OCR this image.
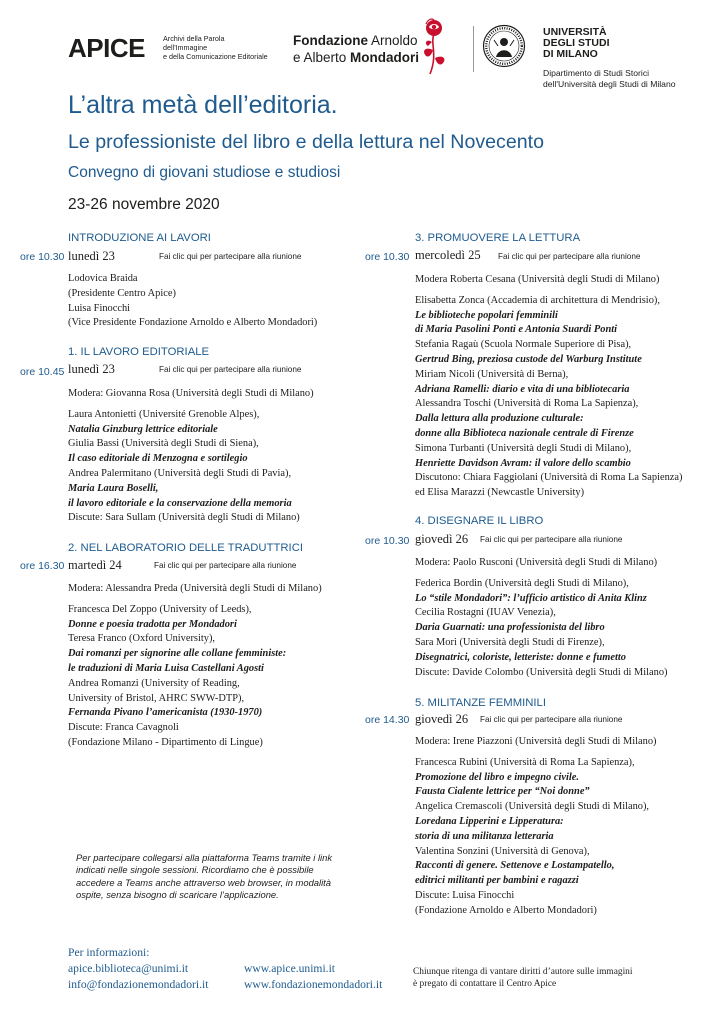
APICE	Archivi della Parola
dell'Immagine
e della Comunicazione Editoriale
Fondazione Arnoldo
e Alberto Mondadori
UNIVERSITÀ
DEGLI STUDI
DI MILANO
Dipartimento di Studi Storici
dell'Università degli Studi di Milano
L’altra metà dell’editoria.
Le professioniste del libro e della lettura nel Novecento
Convegno di giovani studiose e studiosi
23-26 novembre 2020
INTRODUZIONE AI LAVORI
ore 10.30 lunedì 23	Fai clic qui per partecipare alla riunione
Lodovica Braida
(Presidente Centro Apice)
Luisa Finocchi
(Vice Presidente Fondazione Arnoldo e Alberto Mondadori)
1. IL LAVORO EDITORIALE
ore 10.45 lunedì 23	Fai clic qui per partecipare alla riunione
Modera: Giovanna Rosa (Università degli Studi di Milano)
Laura Antonietti (Université Grenoble Alpes),
Natalia Ginzburg lettrice editoriale
Giulia Bassi (Università degli Studi di Siena),
Il caso editoriale di Menzogna e sortilegio
Andrea Palermitano (Università degli Studi di Pavia),
Maria Laura Boselli,
il lavoro editoriale e la conservazione della memoria
Discute: Sara Sullam (Università degli Studi di Milano)
2. NEL LABORATORIO DELLE TRADUTTRICI
ore 16.30 martedì 24	Fai clic qui per partecipare alla riunione
Modera: Alessandra Preda (Università degli Studi di Milano)
Francesca Del Zoppo (University of Leeds),
Donne e poesia tradotta per Mondadori
Teresa Franco (Oxford University),
Dai romanzi per signorine alle collane femministe:
le traduzioni di Maria Luisa Castellani Agosti
Andrea Romanzi (University of Reading,
University of Bristol, AHRC SWW-DTP),
Fernanda Pivano l’americanista (1930-1970)
Discute: Franca Cavagnoli
(Fondazione Milano - Dipartimento di Lingue)
3. PROMUOVERE LA LETTURA
ore 10.30 mercoledì 25 Fai clic qui per partecipare alla riunione
Modera Roberta Cesana (Università degli Studi di Milano)
Elisabetta Zonca (Accademia di architettura di Mendrisio),
Le biblioteche popolari femminili
di Maria Pasolini Ponti e Antonia Suardi Ponti
Stefania Ragaù (Scuola Normale Superiore di Pisa),
Gertrud Bing, preziosa custode del Warburg Institute
Miriam Nicoli (Università di Berna),
Adriana Ramelli: diario e vita di una bibliotecaria
Alessandra Toschi (Università di Roma La Sapienza),
Dalla lettura alla produzione culturale:
donne alla Biblioteca nazionale centrale di Firenze
Simona Turbanti (Università degli Studi di Milano),
Henriette Davidson Avram: il valore dello scambio
Discutono: Chiara Faggiolani (Università di Roma La Sapienza)
ed Elisa Marazzi (Newcastle University)
4. DISEGNARE IL LIBRO
ore 10.30 giovedì 26 Fai clic qui per partecipare alla riunione
Modera: Paolo Rusconi (Università degli Studi di Milano)
Federica Bordin (Università degli Studi di Milano),
Lo “stile Mondadori”: l’ufficio artistico di Anita Klinz
Cecilia Rostagni (IUAV Venezia),
Daria Guarnati: una professionista del libro
Sara Mori (Università degli Studi di Firenze),
Disegnatrici, coloriste, letteriste: donne e fumetto
Discute: Davide Colombo (Università degli Studi di Milano)
5. MILITANZE FEMMINILI
ore 14.30 giovedì 26 Fai clic qui per partecipare alla riunione
Modera: Irene Piazzoni (Università degli Studi di Milano)
Francesca Rubini (Università di Roma La Sapienza),
Promozione del libro e impegno civile.
Fausta Cialente lettrice per “Noi donne”
Angelica Cremascoli (Università degli Studi di Milano),
Loredana Lipperini e Lipperatura:
storia di una militanza letteraria
Valentina Sonzini (Università di Genova),
Racconti di genere. Settenove e Lostampatello,
editrici militanti per bambini e ragazzi
Discute: Luisa Finocchi
(Fondazione Arnoldo e Alberto Mondadori)
Per partecipare collegarsi alla piattaforma Teams tramite i link indicati nelle singole sessioni. Ricordiamo che è possibile accedere a Teams anche attraverso web browser, in modalità ospite, senza bisogno di scaricare l’applicazione.
Per informazioni:
apice.biblioteca@unimi.it
info@fondazionemondadori.it
www.apice.unimi.it
www.fondazionemondadori.it
Chiunque ritenga di vantare diritti d’autore sulle immagini
è pregato di contattare il Centro Apice
